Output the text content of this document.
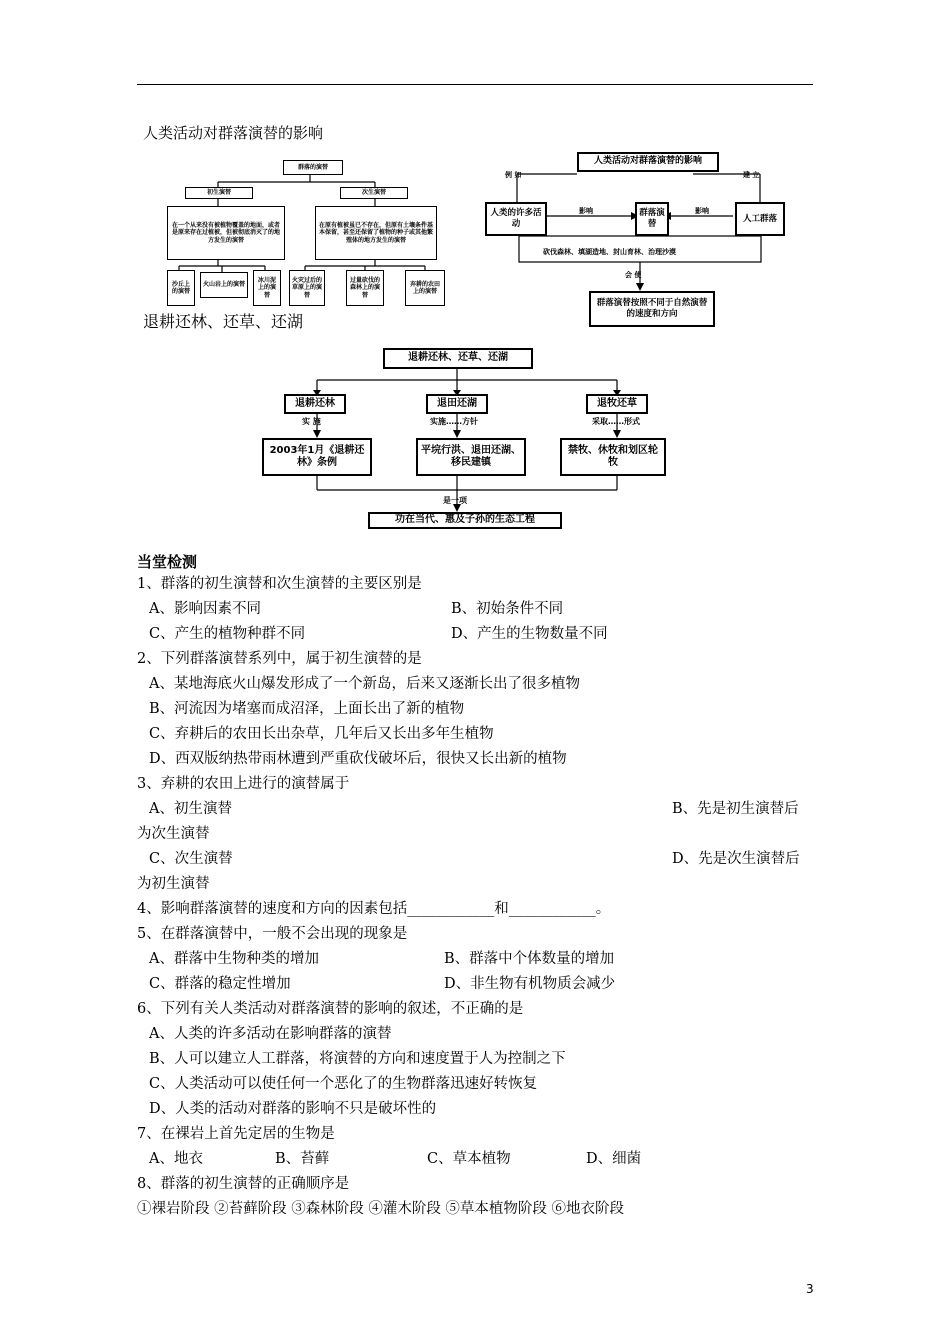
人类活动对群落演替的影响
群落的演替
初生演替	次生演替
在一个从来没有被植物覆盖的地面，或者是原来存在过植被，但被彻底消灭了的地方发生的演替
在原有植被虽已不存在，但原有土壤条件基本保留，甚至还保留了植物的种子或其他繁殖体的地方发生的演替
沙丘上的演替
火山岩上的演替
冰川泥上的演替
火灾过后的草原上的演替
过量砍伐的森林上的演替
弃耕的农田上的演替
人类活动对群落演替的影响
例 如	建 立
人类的许多活动
群落演替
人工群落
影响	影响
砍伐森林、填湖造地、封山育林、治理沙漠
会 使
群落演替按照不同于自然演替的速度和方向
退耕还林、还草、还湖
退耕还林、还草、还湖
退耕还林	退田还湖	退牧还草
实 施	实施……方针	采取……形式
2003年1月《退耕还林》条例
平垸行洪、退田还湖、移民建镇
禁牧、休牧和划区轮牧
是一项
功在当代、惠及子孙的生态工程
当堂检测
1、群落的初生演替和次生演替的主要区别是
A、影响因素不同	B、初始条件不同
C、产生的植物种群不同	D、产生的生物数量不同
2、下列群落演替系列中，属于初生演替的是
A、某地海底火山爆发形成了一个新岛，后来又逐渐长出了很多植物
B、河流因为堵塞而成沼泽，上面长出了新的植物
C、弃耕后的农田长出杂草，几年后又长出多年生植物
D、西双版纳热带雨林遭到严重砍伐破坏后，很快又长出新的植物
3、弃耕的农田上进行的演替属于
A、初生演替	B、先是初生演替后
为次生演替
C、次生演替	D、先是次生演替后
为初生演替
4、影响群落演替的速度和方向的因素包括____________和____________。
5、在群落演替中，一般不会出现的现象是
A、群落中生物种类的增加	B、群落中个体数量的增加
C、群落的稳定性增加	D、非生物有机物质会减少
6、下列有关人类活动对群落演替的影响的叙述，不正确的是
A、人类的许多活动在影响群落的演替
B、人可以建立人工群落，将演替的方向和速度置于人为控制之下
C、人类活动可以使任何一个恶化了的生物群落迅速好转恢复
D、人类的活动对群落的影响不只是破坏性的
7、在裸岩上首先定居的生物是
A、地衣	B、苔藓	C、草本植物	D、细菌
8、群落的初生演替的正确顺序是
①裸岩阶段 ②苔藓阶段 ③森林阶段 ④灌木阶段 ⑤草本植物阶段 ⑥地衣阶段
3
